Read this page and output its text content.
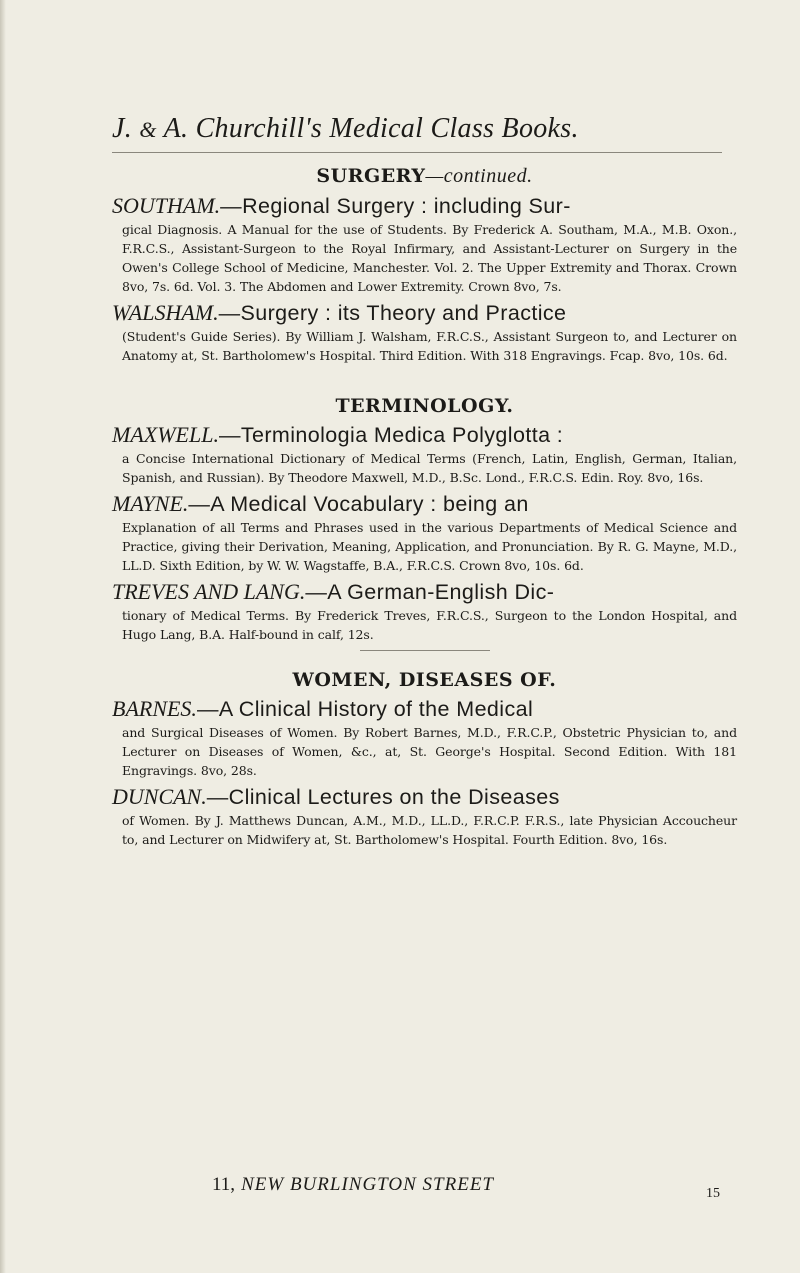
J. & A. Churchill's Medical Class Books.

SURGERY—continued.

SOUTHAM.—Regional Surgery : including Sur-

gical Diagnosis. A Manual for the use of Students. By Frederick A. Southam, M.A., M.B. Oxon., F.R.C.S., Assistant-Surgeon to the Royal Infirmary, and Assistant-Lecturer on Surgery in the Owen's College School of Medicine, Manchester. Vol. 2. The Upper Extremity and Thorax. Crown 8vo, 7s. 6d. Vol. 3. The Abdomen and Lower Extremity. Crown 8vo, 7s.

WALSHAM.—Surgery : its Theory and Practice

(Student's Guide Series). By William J. Walsham, F.R.C.S., Assistant Surgeon to, and Lecturer on Anatomy at, St. Bartholomew's Hospital. Third Edition. With 318 Engravings. Fcap. 8vo, 10s. 6d.

TERMINOLOGY.

MAXWELL.—Terminologia Medica Polyglotta :

a Concise International Dictionary of Medical Terms (French, Latin, English, German, Italian, Spanish, and Russian). By Theodore Maxwell, M.D., B.Sc. Lond., F.R.C.S. Edin. Roy. 8vo, 16s.

MAYNE.—A Medical Vocabulary : being an

Explanation of all Terms and Phrases used in the various Departments of Medical Science and Practice, giving their Derivation, Meaning, Application, and Pronunciation. By R. G. Mayne, M.D., LL.D. Sixth Edition, by W. W. Wagstaffe, B.A., F.R.C.S. Crown 8vo, 10s. 6d.

TREVES AND LANG.—A German-English Dic-

tionary of Medical Terms. By Frederick Treves, F.R.C.S., Surgeon to the London Hospital, and Hugo Lang, B.A. Half-bound in calf, 12s.

WOMEN, DISEASES OF.

BARNES.—A Clinical History of the Medical

and Surgical Diseases of Women. By Robert Barnes, M.D., F.R.C.P., Obstetric Physician to, and Lecturer on Diseases of Women, &c., at, St. George's Hospital. Second Edition. With 181 Engravings. 8vo, 28s.

DUNCAN.—Clinical Lectures on the Diseases

of Women. By J. Matthews Duncan, A.M., M.D., LL.D., F.R.C.P. F.R.S., late Physician Accoucheur to, and Lecturer on Midwifery at, St. Bartholomew's Hospital. Fourth Edition. 8vo, 16s.

11, NEW BURLINGTON STREET	15
